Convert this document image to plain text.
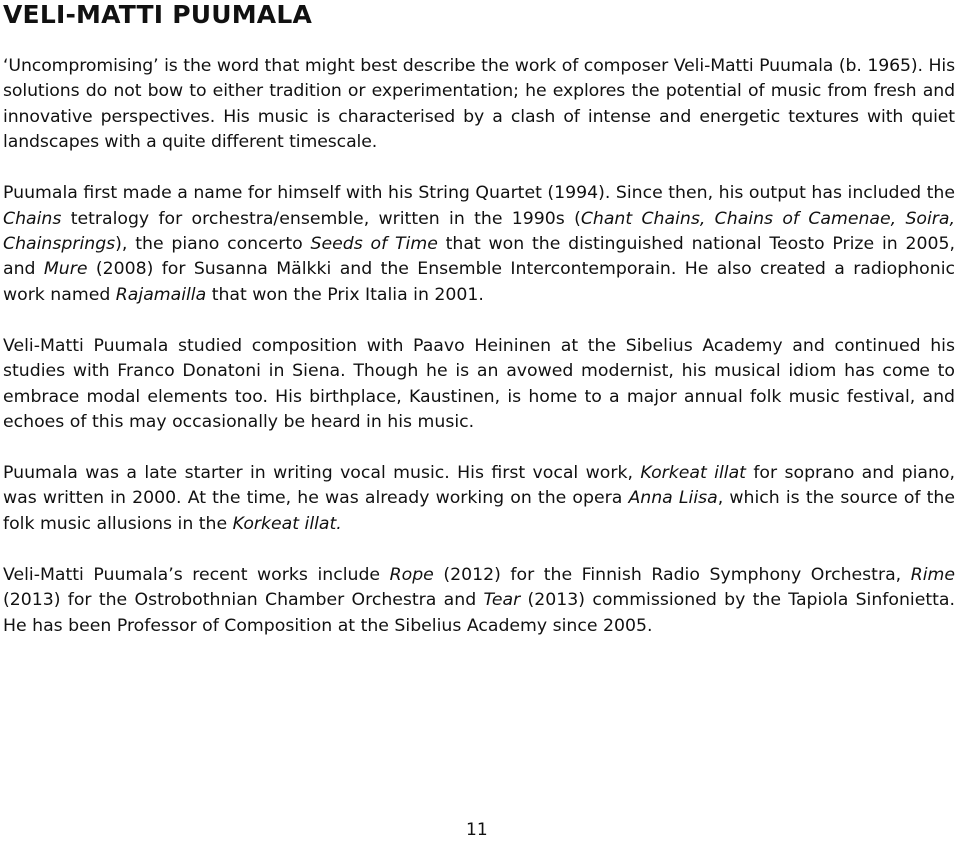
VELI-MATTI PUUMALA

‘Uncompromising’ is the word that might best describe the work of composer Veli-Matti Puumala (b. 1965). His solutions do not bow to either tradition or experimentation; he explores the potential of music from fresh and innovative perspectives. His music is characterised by a clash of intense and energetic textures with quiet landscapes with a quite different timescale.

Puumala first made a name for himself with his String Quartet (1994). Since then, his output has included the Chains tetralogy for orchestra/ensemble, written in the 1990s (Chant Chains, Chains of Camenae, Soira, Chainsprings), the piano concerto Seeds of Time that won the distinguished national Teosto Prize in 2005, and Mure (2008) for Susanna Mälkki and the Ensemble Intercontemporain. He also created a radiophonic work named Rajamailla that won the Prix Italia in 2001.

Veli-Matti Puumala studied composition with Paavo Heininen at the Sibelius Academy and continued his studies with Franco Donatoni in Siena. Though he is an avowed modernist, his musical idiom has come to embrace modal elements too. His birthplace, Kaustinen, is home to a major annual folk music festival, and echoes of this may occasionally be heard in his music.

Puumala was a late starter in writing vocal music. His first vocal work, Korkeat illat for soprano and piano, was written in 2000. At the time, he was already working on the opera Anna Liisa, which is the source of the folk music allusions in the Korkeat illat.

Veli-Matti Puumala’s recent works include Rope (2012) for the Finnish Radio Symphony Orchestra, Rime (2013) for the Ostrobothnian Chamber Orchestra and Tear (2013) commissioned by the Tapiola Sinfonietta. He has been Professor of Composition at the Sibelius Academy since 2005.

11
